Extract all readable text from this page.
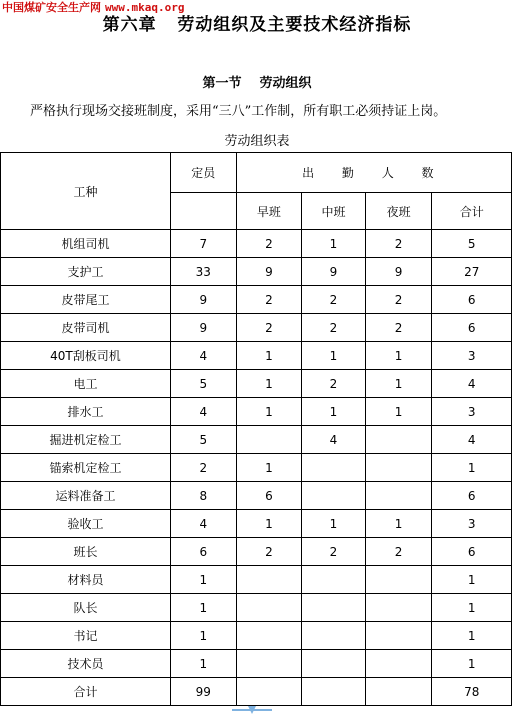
中国煤矿安全生产网 www.mkaq.org
第六章   劳动组织及主要技术经济指标
第一节    劳动组织
严格执行现场交接班制度，采用“三八”工作制，所有职工必须持证上岗。
劳动组织表
工种	定员	出 勤 人 数			
		早班	中班	夜班	合计
机组司机	7	2	1	2	5
支护工	33	9	9	9	27
皮带尾工	9	2	2	2	6
皮带司机	9	2	2	2	6
40T刮板司机	4	1	1	1	3
电工	5	1	2	1	4
排水工	4	1	1	1	3
掘进机定检工	5		4		4
锚索机定检工	2	1			1
运料准备工	8	6			6
验收工	4	1	1	1	3
班长	6	2	2	2	6
材料员	1				1
队长	1				1
书记	1				1
技术员	1				1
合计	99				78
